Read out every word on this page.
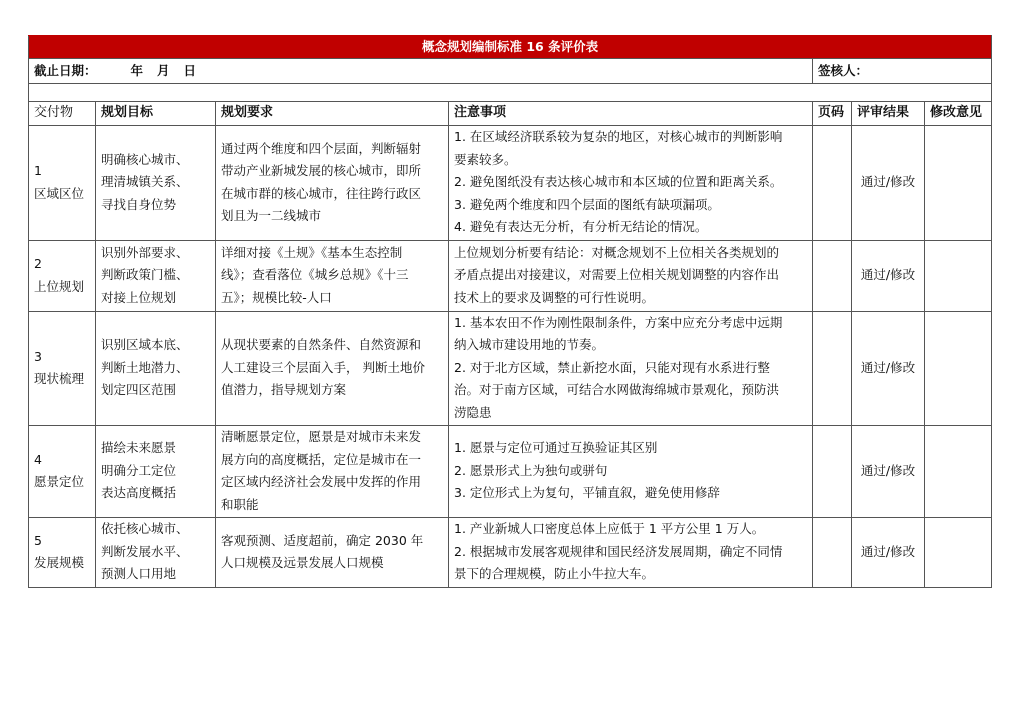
概念规划编制标准 16 条评价表						
截止日期： 年 月 日				签核人：		

交付物	规划目标	规划要求	注意事项	页码	评审结果	修改意见

1
区域区位	明确核心城市、
理清城镇关系、
寻找自身位势	通过两个维度和四个层面，判断辐射
带动产业新城发展的核心城市，即所
在城市群的核心城市，往往跨行政区
划且为一二线城市	1. 在区域经济联系较为复杂的地区，对核心城市的判断影响
要素较多。
2. 避免图纸没有表达核心城市和本区域的位置和距离关系。
3. 避免两个维度和四个层面的图纸有缺项漏项。
4. 避免有表达无分析，有分析无结论的情况。		通过/修改	

2
上位规划	识别外部要求、
判断政策门槛、
对接上位规划	详细对接《土规》《基本生态控制
线》；查看落位《城乡总规》《十三
五》；规模比较-人口	上位规划分析要有结论：对概念规划不上位相关各类规划的
矛盾点提出对接建议，对需要上位相关规划调整的内容作出
技术上的要求及调整的可行性说明。		通过/修改	

3
现状梳理	识别区域本底、
判断土地潜力、
划定四区范围	从现状要素的自然条件、自然资源和
人工建设三个层面入手， 判断土地价
值潜力，指导规划方案	1. 基本农田不作为刚性限制条件，方案中应充分考虑中远期
纳入城市建设用地的节奏。
2. 对于北方区域，禁止新挖水面，只能对现有水系进行整
治。对于南方区域，可结合水网做海绵城市景观化，预防洪
涝隐患		通过/修改	

4
愿景定位	描绘未来愿景
明确分工定位
表达高度概括	清晰愿景定位，愿景是对城市未来发
展方向的高度概括，定位是城市在一
定区域内经济社会发展中发挥的作用
和职能	1. 愿景与定位可通过互换验证其区别
2. 愿景形式上为独句或骈句
3. 定位形式上为复句，平铺直叙，避免使用修辞		通过/修改	

5
发展规模	依托核心城市、
判断发展水平、
预测人口用地	客观预测、适度超前，确定 2030 年
人口规模及远景发展人口规模	1. 产业新城人口密度总体上应低于 1 平方公里 1 万人。
2. 根据城市发展客观规律和国民经济发展周期，确定不同情
景下的合理规模，防止小牛拉大车。		通过/修改	
